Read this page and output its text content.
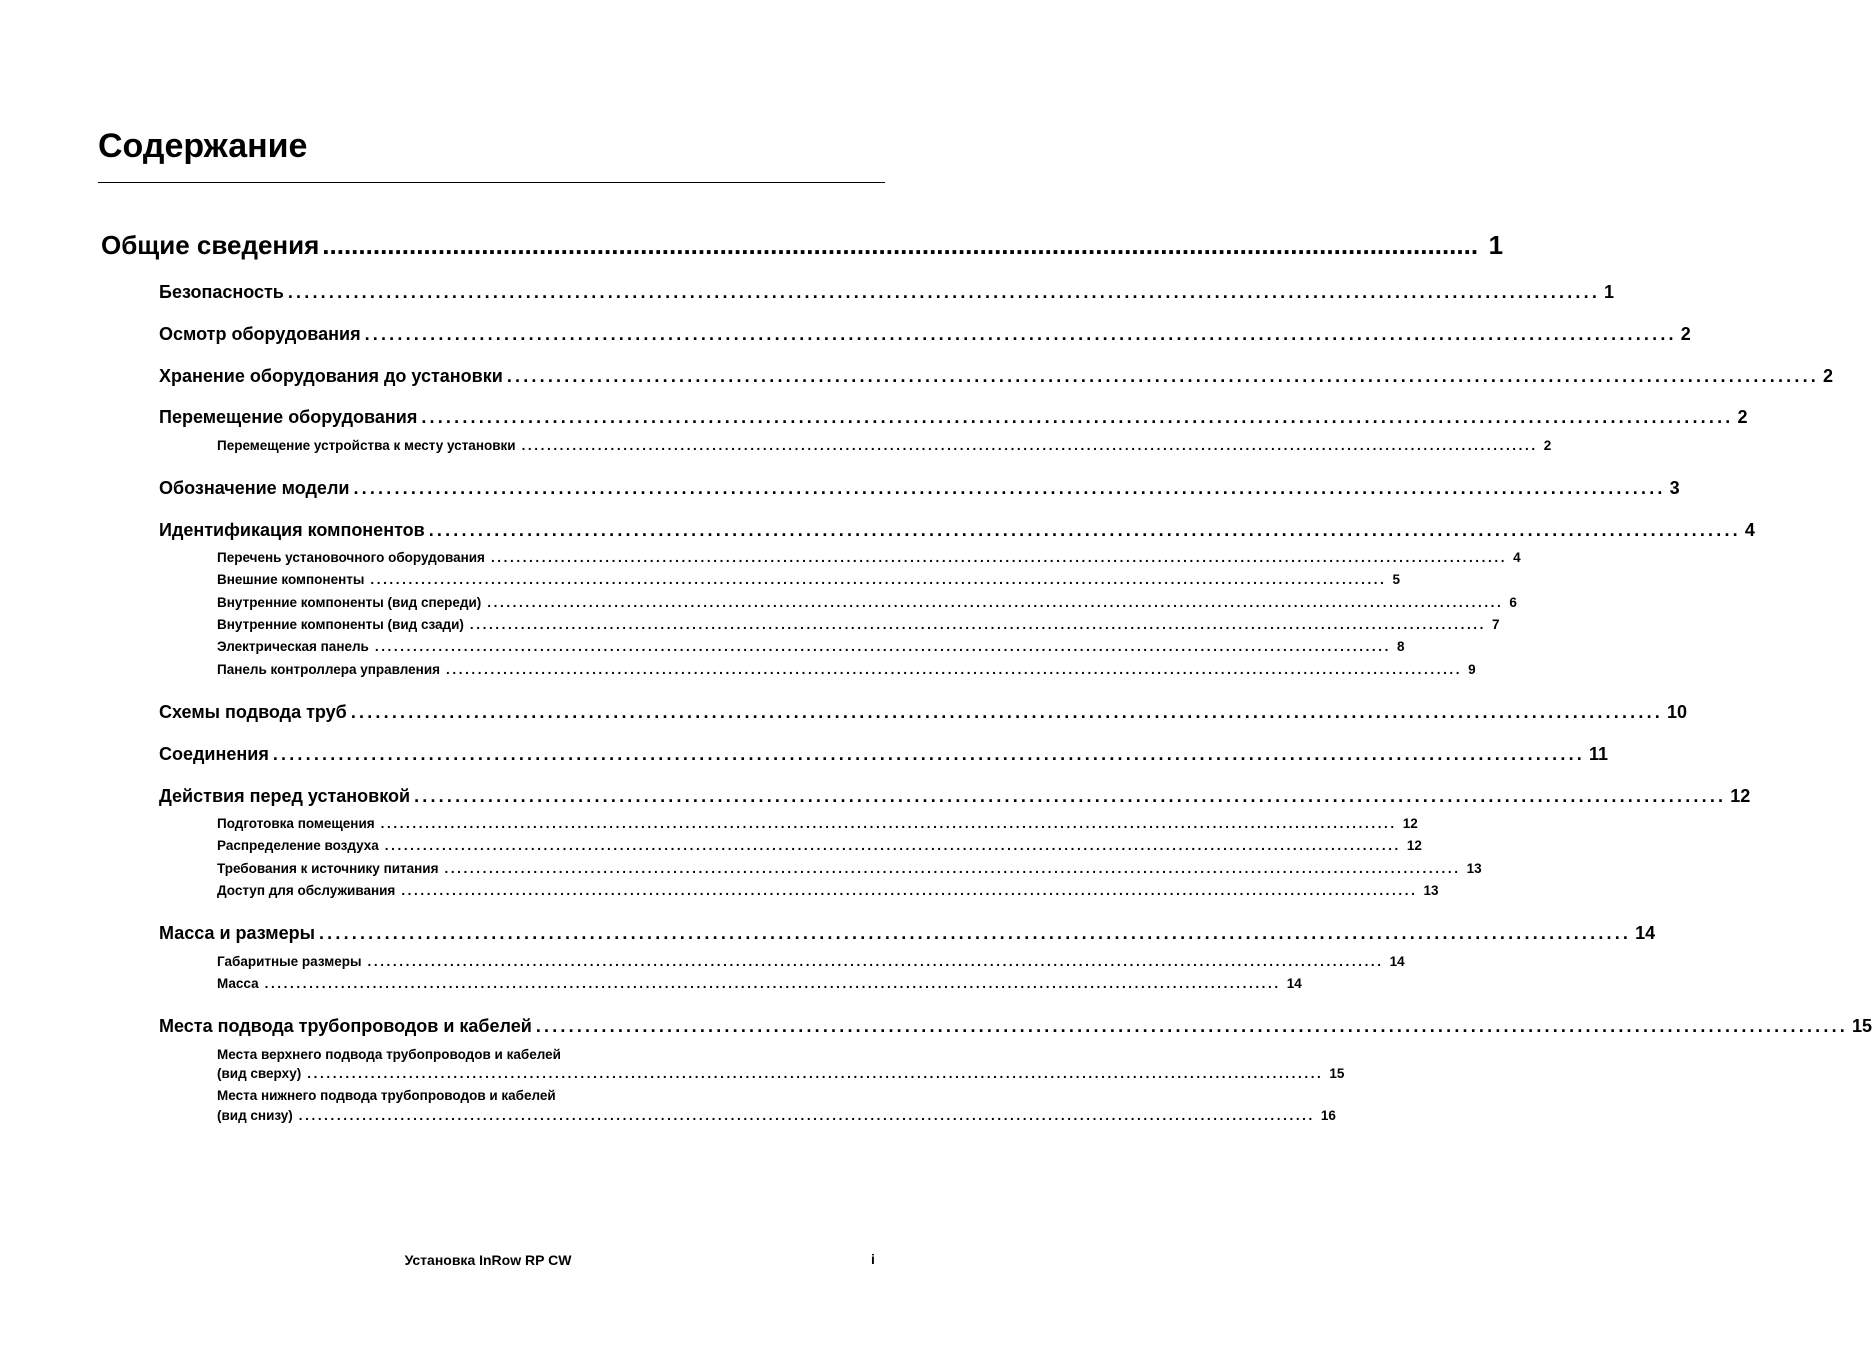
Содержание
Общие сведения ................................................................................................................................................................ 1
Безопасность ................................................................................................................................................................ 1
Осмотр оборудования ................................................................................................................................................................ 2
Хранение оборудования до установки ................................................................................................................................................................ 2
Перемещение оборудования ................................................................................................................................................................ 2
Перемещение устройства к месту установки ................................................................................................................................................................ 2
Обозначение модели ................................................................................................................................................................ 3
Идентификация компонентов ................................................................................................................................................................ 4
Перечень установочного оборудования ................................................................................................................................................................ 4
Внешние компоненты ................................................................................................................................................................ 5
Внутренние компоненты (вид спереди) ................................................................................................................................................................ 6
Внутренние компоненты (вид сзади) ................................................................................................................................................................ 7
Электрическая панель ................................................................................................................................................................ 8
Панель контроллера управления ................................................................................................................................................................ 9
Схемы подвода труб ................................................................................................................................................................ 10
Соединения ................................................................................................................................................................ 11
Действия перед установкой ................................................................................................................................................................ 12
Подготовка помещения ................................................................................................................................................................ 12
Распределение воздуха ................................................................................................................................................................ 12
Требования к источнику питания ................................................................................................................................................................ 13
Доступ для обслуживания ................................................................................................................................................................ 13
Масса и размеры ................................................................................................................................................................ 14
Габаритные размеры ................................................................................................................................................................ 14
Масса ................................................................................................................................................................ 14
Места подвода трубопроводов и кабелей ................................................................................................................................................................ 15
Места верхнего подвода трубопроводов и кабелей
(вид сверху) ................................................................................................................................................................ 15
Места нижнего подвода трубопроводов и кабелей
(вид снизу) ................................................................................................................................................................ 16
Установка InRow RP CW	i
